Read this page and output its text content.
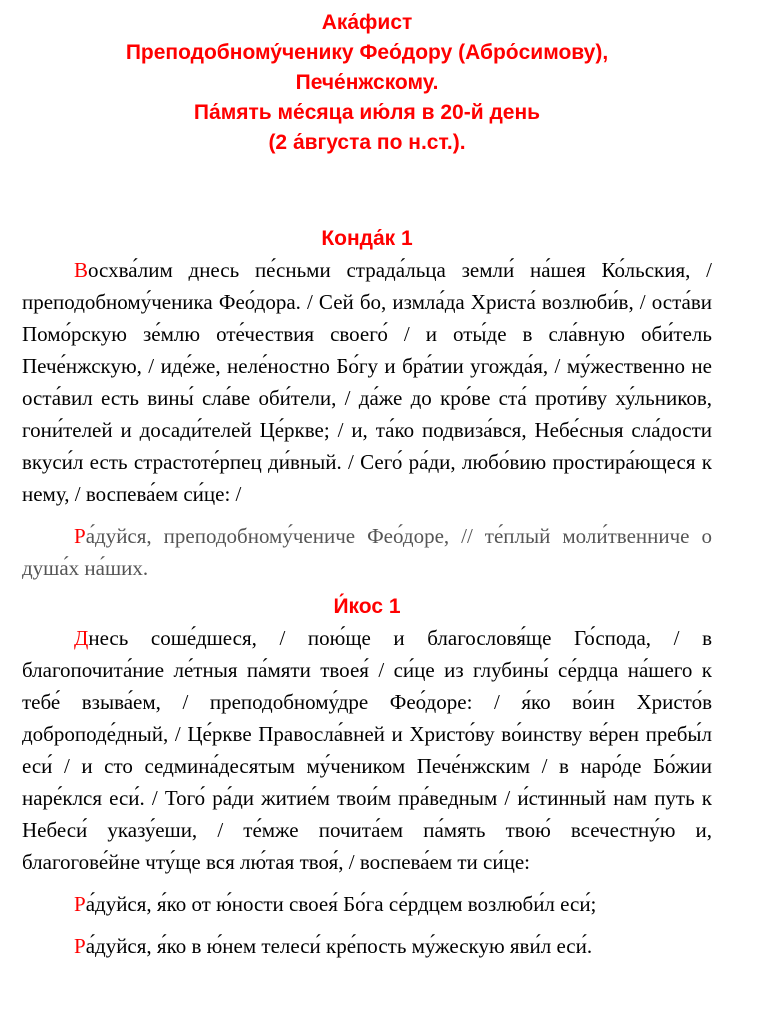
Ака́фист
Преподобному́ченику Фео́дору (Абро́симову),
Пече́нжскому.
Па́мять ме́сяца ию́ля в 20-й день
(2 а́вгуста по н.ст.).
Конда́к 1

Восхва́лим днесь пе́сньми страда́льца земли́ на́шея Ко́льския, / преподобному́ченика Фео́дора. / Сей бо, измла́да Христа́ возлюби́в, / оста́ви Помо́рскую зе́млю оте́чествия своего́ / и оты́де в сла́вную оби́тель Пече́нжскую, / иде́же, неле́ностно Бо́гу и бра́тии угожда́я, / му́жественно не оста́вил есть вины́ сла́ве оби́тели, / да́же до кро́ве ста́ проти́ву ху́льников, гони́телей и досади́телей Це́ркве; / и, та́ко подвиза́вся, Небе́сныя сла́дости вкуси́л есть страстоте́рпец ди́вный. / Сего́ ра́ди, любо́вию простира́ющеся к нему, / воспева́ем си́це: /

Ра́дуйся, преподобному́чениче Фео́доре, // те́плый моли́твенниче о душа́х на́ших.

И́кос 1

Днесь соше́дшеся, / пою́ще и благословя́ще Го́спода, / в благопочита́ние ле́тныя па́мяти твоея́ / си́це из глубины́ се́рдца на́шего к тебе́ взыва́ем, / преподобному́дре Фео́доре: / я́ко во́ин Христо́в доброподе́дный, / Це́ркве Правосла́вней и Христо́ву во́инству ве́рен пребы́л еси́ / и сто седмина́десятым му́чеником Пече́нжским / в наро́де Бо́жии наре́клся еси́. / Того́ ра́ди житие́м твои́м пра́ведным / и́стинный нам путь к Небеси́ указу́еши, / те́мже почита́ем па́мять твою́ всечестну́ю и, благогове́йне чту́ще вся лю́тая твоя́, / воспева́ем ти си́це:

Ра́дуйся, я́ко от ю́ности своея́ Бо́га се́рдцем возлюби́л еси́;

Ра́дуйся, я́ко в ю́нем телеси́ кре́пость му́жескую яви́л еси́.
